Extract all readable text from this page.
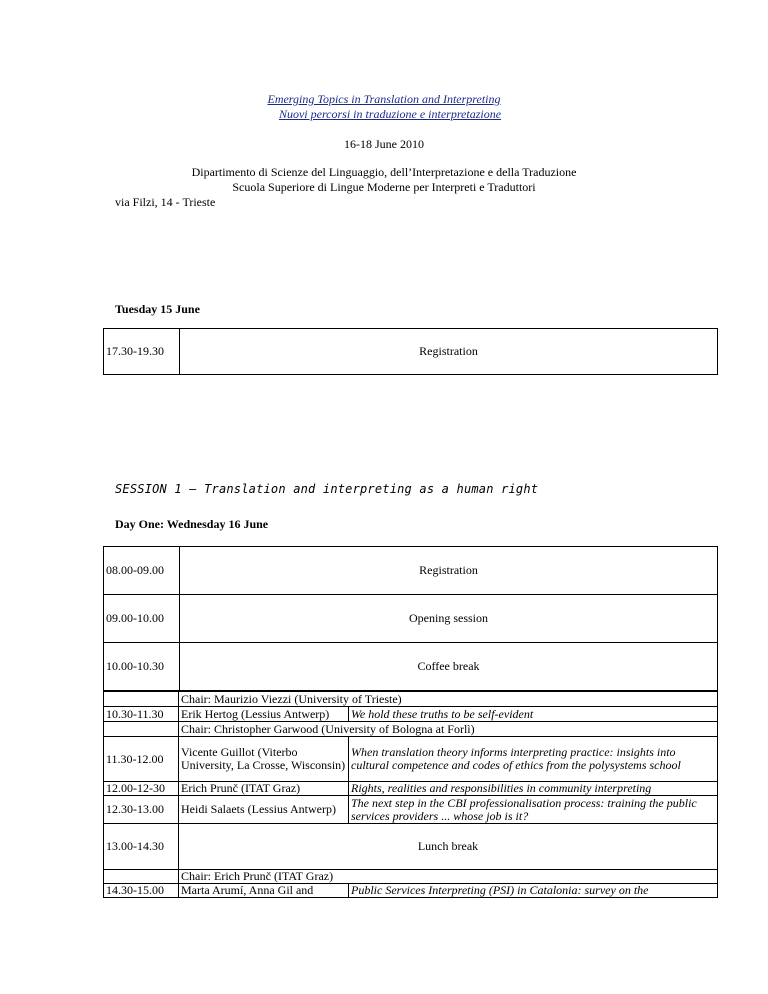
Emerging Topics in Translation and Interpreting
Nuovi percorsi in traduzione e interpretazione
16-18 June 2010
Dipartimento di Scienze del Linguaggio, dell’Interpretazione e della Traduzione
Scuola Superiore di Lingue Moderne per Interpreti e Traduttori
via Filzi, 14 - Trieste
Tuesday 15 June
17.30-19.30	Registration
SESSION 1 – Translation and interpreting as a human right
Day One: Wednesday 16 June
08.00-09.00	Registration
09.00-10.00	Opening session
10.00-10.30	Coffee break
	Chair: Maurizio Viezzi (University of Trieste)	
10.30-11.30	Erik Hertog (Lessius Antwerp)	We hold these truths to be self-evident
	Chair: Christopher Garwood (University of Bologna at Forlì)	
11.30-12.00	Vicente Guillot (Viterbo University, La Crosse, Wisconsin)	When translation theory informs interpreting practice: insights into cultural competence and codes of ethics from the polysystems school
12.00-12-30	Erich Prunč (ITAT Graz)	Rights, realities and responsibilities in community interpreting
12.30-13.00	Heidi Salaets (Lessius Antwerp)	The next step in the CBI professionalisation process: training the public services providers ... whose job is it?
13.00-14.30	Lunch break	
	Chair: Erich Prunč (ITAT Graz)	
14.30-15.00	Marta Arumí, Anna Gil and	Public Services Interpreting (PSI) in Catalonia: survey on the
